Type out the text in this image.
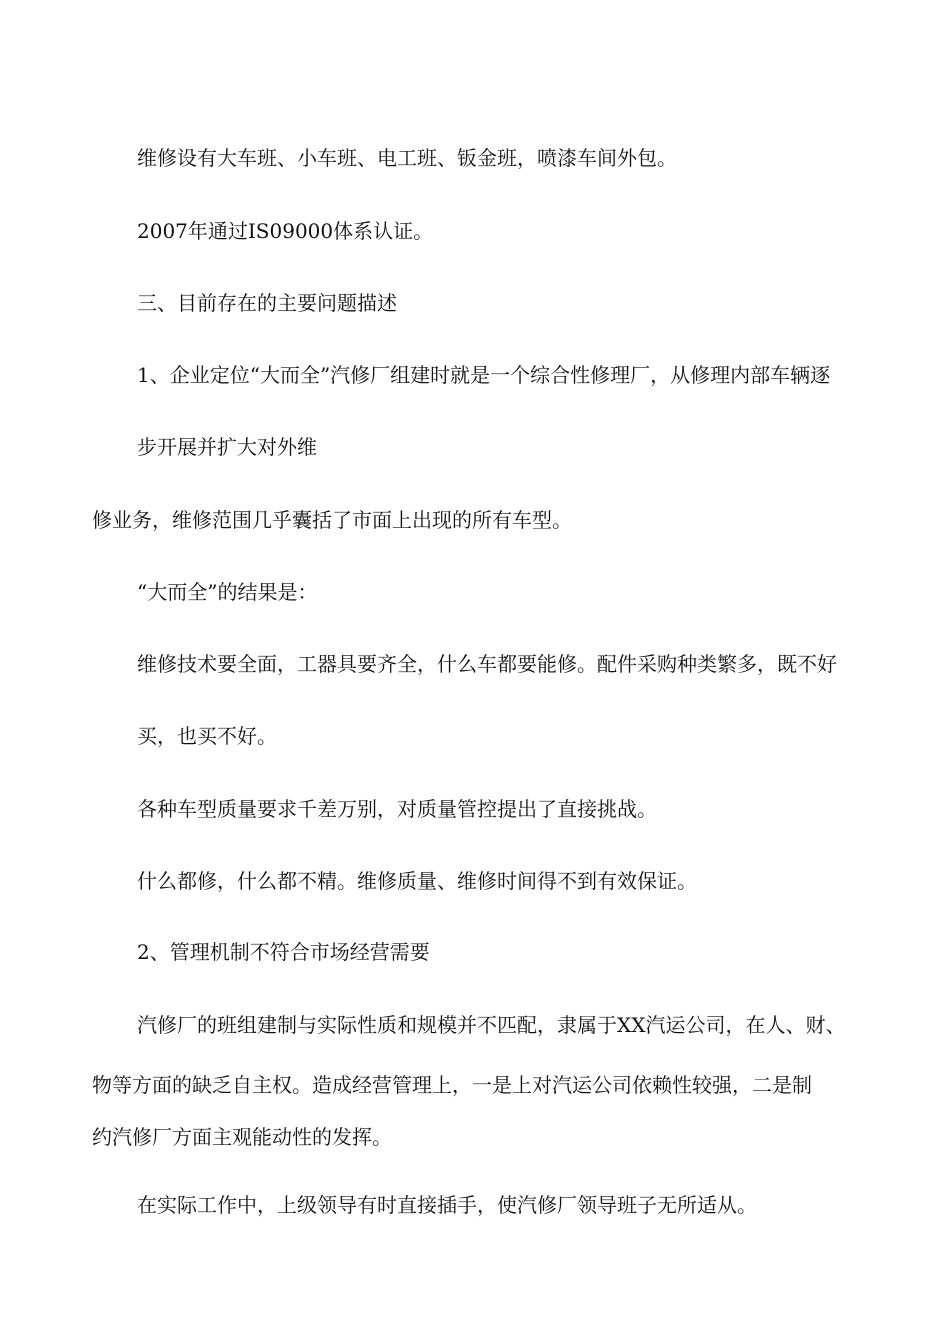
维修设有大车班、小车班、电工班、钣金班，喷漆车间外包。
2007年通过IS09000体系认证。
三、目前存在的主要问题描述
1、企业定位“大而全”汽修厂组建时就是一个综合性修理厂，从修理内部车辆逐
步开展并扩大对外维
修业务，维修范围几乎囊括了市面上出现的所有车型。
“大而全”的结果是：
维修技术要全面，工器具要齐全，什么车都要能修。配件采购种类繁多，既不好
买，也买不好。
各种车型质量要求千差万别，对质量管控提出了直接挑战。
什么都修，什么都不精。维修质量、维修时间得不到有效保证。
2、管理机制不符合市场经营需要
汽修厂的班组建制与实际性质和规模并不匹配，隶属于XX汽运公司，在人、财、
物等方面的缺乏自主权。造成经营管理上，一是上对汽运公司依赖性较强，二是制
约汽修厂方面主观能动性的发挥。
在实际工作中，上级领导有时直接插手，使汽修厂领导班子无所适从。
